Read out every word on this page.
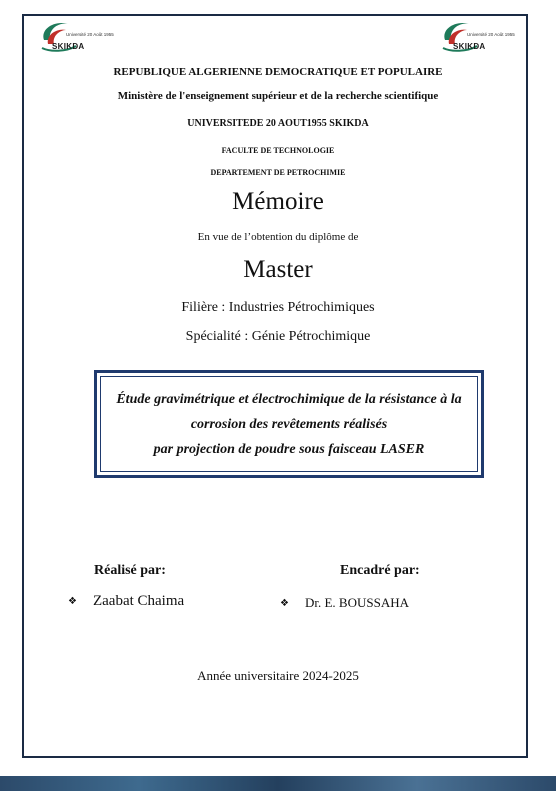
Université 20 Août 1955
SKIKDA
Université 20 Août 1955
SKIKDA
REPUBLIQUE ALGERIENNE DEMOCRATIQUE ET POPULAIRE
Ministère de l'enseignement supérieur et de la recherche scientifique
UNIVERSITEDE 20 AOUT1955 SKIKDA
FACULTE DE TECHNOLOGIE
DEPARTEMENT DE PETROCHIMIE
Mémoire
En vue de l’obtention du diplôme de
Master
Filière : Industries Pétrochimiques
Spécialité : Génie Pétrochimique
Étude gravimétrique et électrochimique de la résistance à la
corrosion des revêtements réalisés
par projection de poudre sous faisceau LASER
Réalisé par:	Encadré par:
❖ Zaabat Chaima	❖ Dr. E. BOUSSAHA
Année universitaire 2024-2025
